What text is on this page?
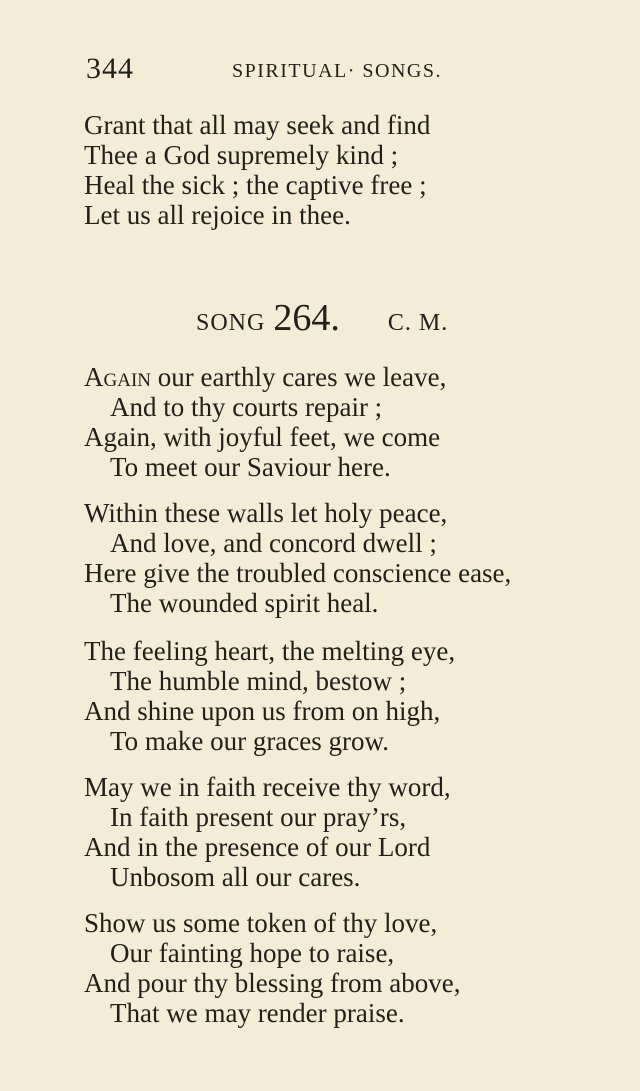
344	SPIRITUAL· SONGS.
Grant that all may seek and find
Thee a God supremely kind ;
Heal the sick ; the captive free ;
Let us all rejoice in thee.
SONG 264. C. M.
Again our earthly cares we leave,
And to thy courts repair ;
Again, with joyful feet, we come
To meet our Saviour here.
Within these walls let holy peace,
And love, and concord dwell ;
Here give the troubled conscience ease,
The wounded spirit heal.
The feeling heart, the melting eye,
The humble mind, bestow ;
And shine upon us from on high,
To make our graces grow.
May we in faith receive thy word,
In faith present our pray’rs,
And in the presence of our Lord
Unbosom all our cares.
Show us some token of thy love,
Our fainting hope to raise,
And pour thy blessing from above,
That we may render praise.
